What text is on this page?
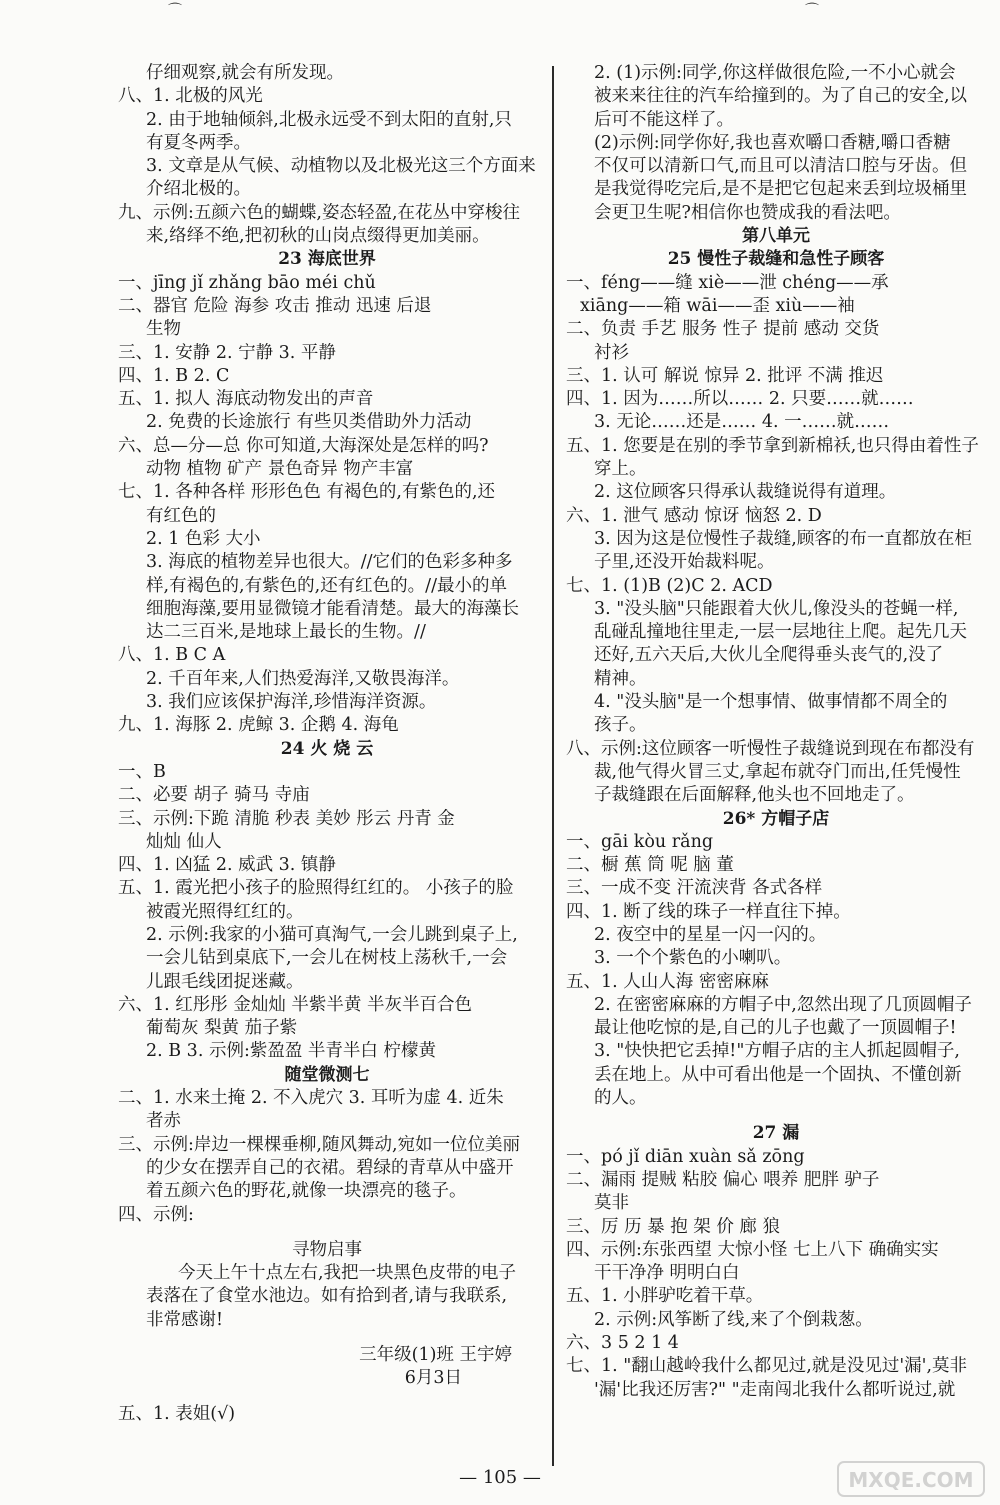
⌒	⌒
仔细观察,就会有所发现。
八、1. 北极的风光
2. 由于地轴倾斜,北极永远受不到太阳的直射,只
有夏冬两季。
3. 文章是从气候、动植物以及北极光这三个方面来
介绍北极的。
九、示例:五颜六色的蝴蝶,姿态轻盈,在花丛中穿梭往
来,络绎不绝,把初秋的山岗点缀得更加美丽。
23 海底世界
一、jīng jǐ zhǎng bāo méi chǔ
二、器官 危险 海参 攻击 推动 迅速 后退
生物
三、1. 安静 2. 宁静 3. 平静
四、1. B 2. C
五、1. 拟人 海底动物发出的声音
2. 免费的长途旅行 有些贝类借助外力活动
六、总—分—总 你可知道,大海深处是怎样的吗?
动物 植物 矿产 景色奇异 物产丰富
七、1. 各种各样 形形色色 有褐色的,有紫色的,还
有红色的
2. 1 色彩 大小
3. 海底的植物差异也很大。//它们的色彩多种多
样,有褐色的,有紫色的,还有红色的。//最小的单
细胞海藻,要用显微镜才能看清楚。最大的海藻长
达二三百米,是地球上最长的生物。//
八、1. B C A
2. 千百年来,人们热爱海洋,又敬畏海洋。
3. 我们应该保护海洋,珍惜海洋资源。
九、1. 海豚 2. 虎鲸 3. 企鹅 4. 海龟
24 火 烧 云
一、B
二、必要 胡子 骑马 寺庙
三、示例:下跪 清脆 秒表 美妙 彤云 丹青 金
灿灿 仙人
四、1. 凶猛 2. 威武 3. 镇静
五、1. 霞光把小孩子的脸照得红红的。 小孩子的脸
被霞光照得红红的。
2. 示例:我家的小猫可真淘气,一会儿跳到桌子上,
一会儿钻到桌底下,一会儿在树枝上荡秋千,一会
儿跟毛线团捉迷藏。
六、1. 红彤彤 金灿灿 半紫半黄 半灰半百合色
葡萄灰 梨黄 茄子紫
2. B 3. 示例:紫盈盈 半青半白 柠檬黄
随堂微测七
二、1. 水来土掩 2. 不入虎穴 3. 耳听为虚 4. 近朱
者赤
三、示例:岸边一棵棵垂柳,随风舞动,宛如一位位美丽
的少女在摆弄自己的衣裙。碧绿的青草从中盛开
着五颜六色的野花,就像一块漂亮的毯子。
四、示例:
寻物启事
今天上午十点左右,我把一块黑色皮带的电子
表落在了食堂水池边。如有拾到者,请与我联系,
非常感谢!
三年级(1)班 王宇婷
6月3日
五、1. 表姐(√)
2. (1)示例:同学,你这样做很危险,一不小心就会
被来来往往的汽车给撞到的。为了自己的安全,以
后可不能这样了。
(2)示例:同学你好,我也喜欢嚼口香糖,嚼口香糖
不仅可以清新口气,而且可以清洁口腔与牙齿。但
是我觉得吃完后,是不是把它包起来丢到垃圾桶里
会更卫生呢?相信你也赞成我的看法吧。
第八单元
25 慢性子裁缝和急性子顾客
一、féng——缝 xiè——泄 chéng——承
xiāng——箱 wāi——歪 xiù——袖
二、负责 手艺 服务 性子 提前 感动 交货
衬衫
三、1. 认可 解说 惊异 2. 批评 不满 推迟
四、1. 因为……所以…… 2. 只要……就……
3. 无论……还是…… 4. 一……就……
五、1. 您要是在别的季节拿到新棉袄,也只得由着性子
穿上。
2. 这位顾客只得承认裁缝说得有道理。
六、1. 泄气 感动 惊讶 恼怒 2. D
3. 因为这是位慢性子裁缝,顾客的布一直都放在柜
子里,还没开始裁料呢。
七、1. (1)B (2)C 2. ACD
3. "没头脑"只能跟着大伙儿,像没头的苍蝇一样,
乱碰乱撞地往里走,一层一层地往上爬。起先几天
还好,五六天后,大伙儿全爬得垂头丧气的,没了
精神。
4. "没头脑"是一个想事情、做事情都不周全的
孩子。
八、示例:这位顾客一听慢性子裁缝说到现在布都没有
裁,他气得火冒三丈,拿起布就夺门而出,任凭慢性
子裁缝跟在后面解释,他头也不回地走了。
26* 方帽子店
一、gāi kòu rǎng
二、橱 蕉 筒 呢 脑 董
三、一成不变 汗流浃背 各式各样
四、1. 断了线的珠子一样直往下掉。
2. 夜空中的星星一闪一闪的。
3. 一个个紫色的小喇叭。
五、1. 人山人海 密密麻麻
2. 在密密麻麻的方帽子中,忽然出现了几顶圆帽子
最让他吃惊的是,自己的儿子也戴了一顶圆帽子!
3. "快快把它丢掉!"方帽子店的主人抓起圆帽子,
丢在地上。从中可看出他是一个固执、不懂创新
的人。
27 漏
一、pó jǐ diān xuàn sǎ zōng
二、漏雨 提贼 粘胶 偏心 喂养 肥胖 驴子
莫非
三、厉 历 暴 抱 架 价 廊 狼
四、示例:东张西望 大惊小怪 七上八下 确确实实
干干净净 明明白白
五、1. 小胖驴吃着干草。
2. 示例:风筝断了线,来了个倒栽葱。
六、3 5 2 1 4
七、1. "翻山越岭我什么都见过,就是没见过'漏',莫非
'漏'比我还厉害?" "走南闯北我什么都听说过,就
— 105 —	MXQE.COM
